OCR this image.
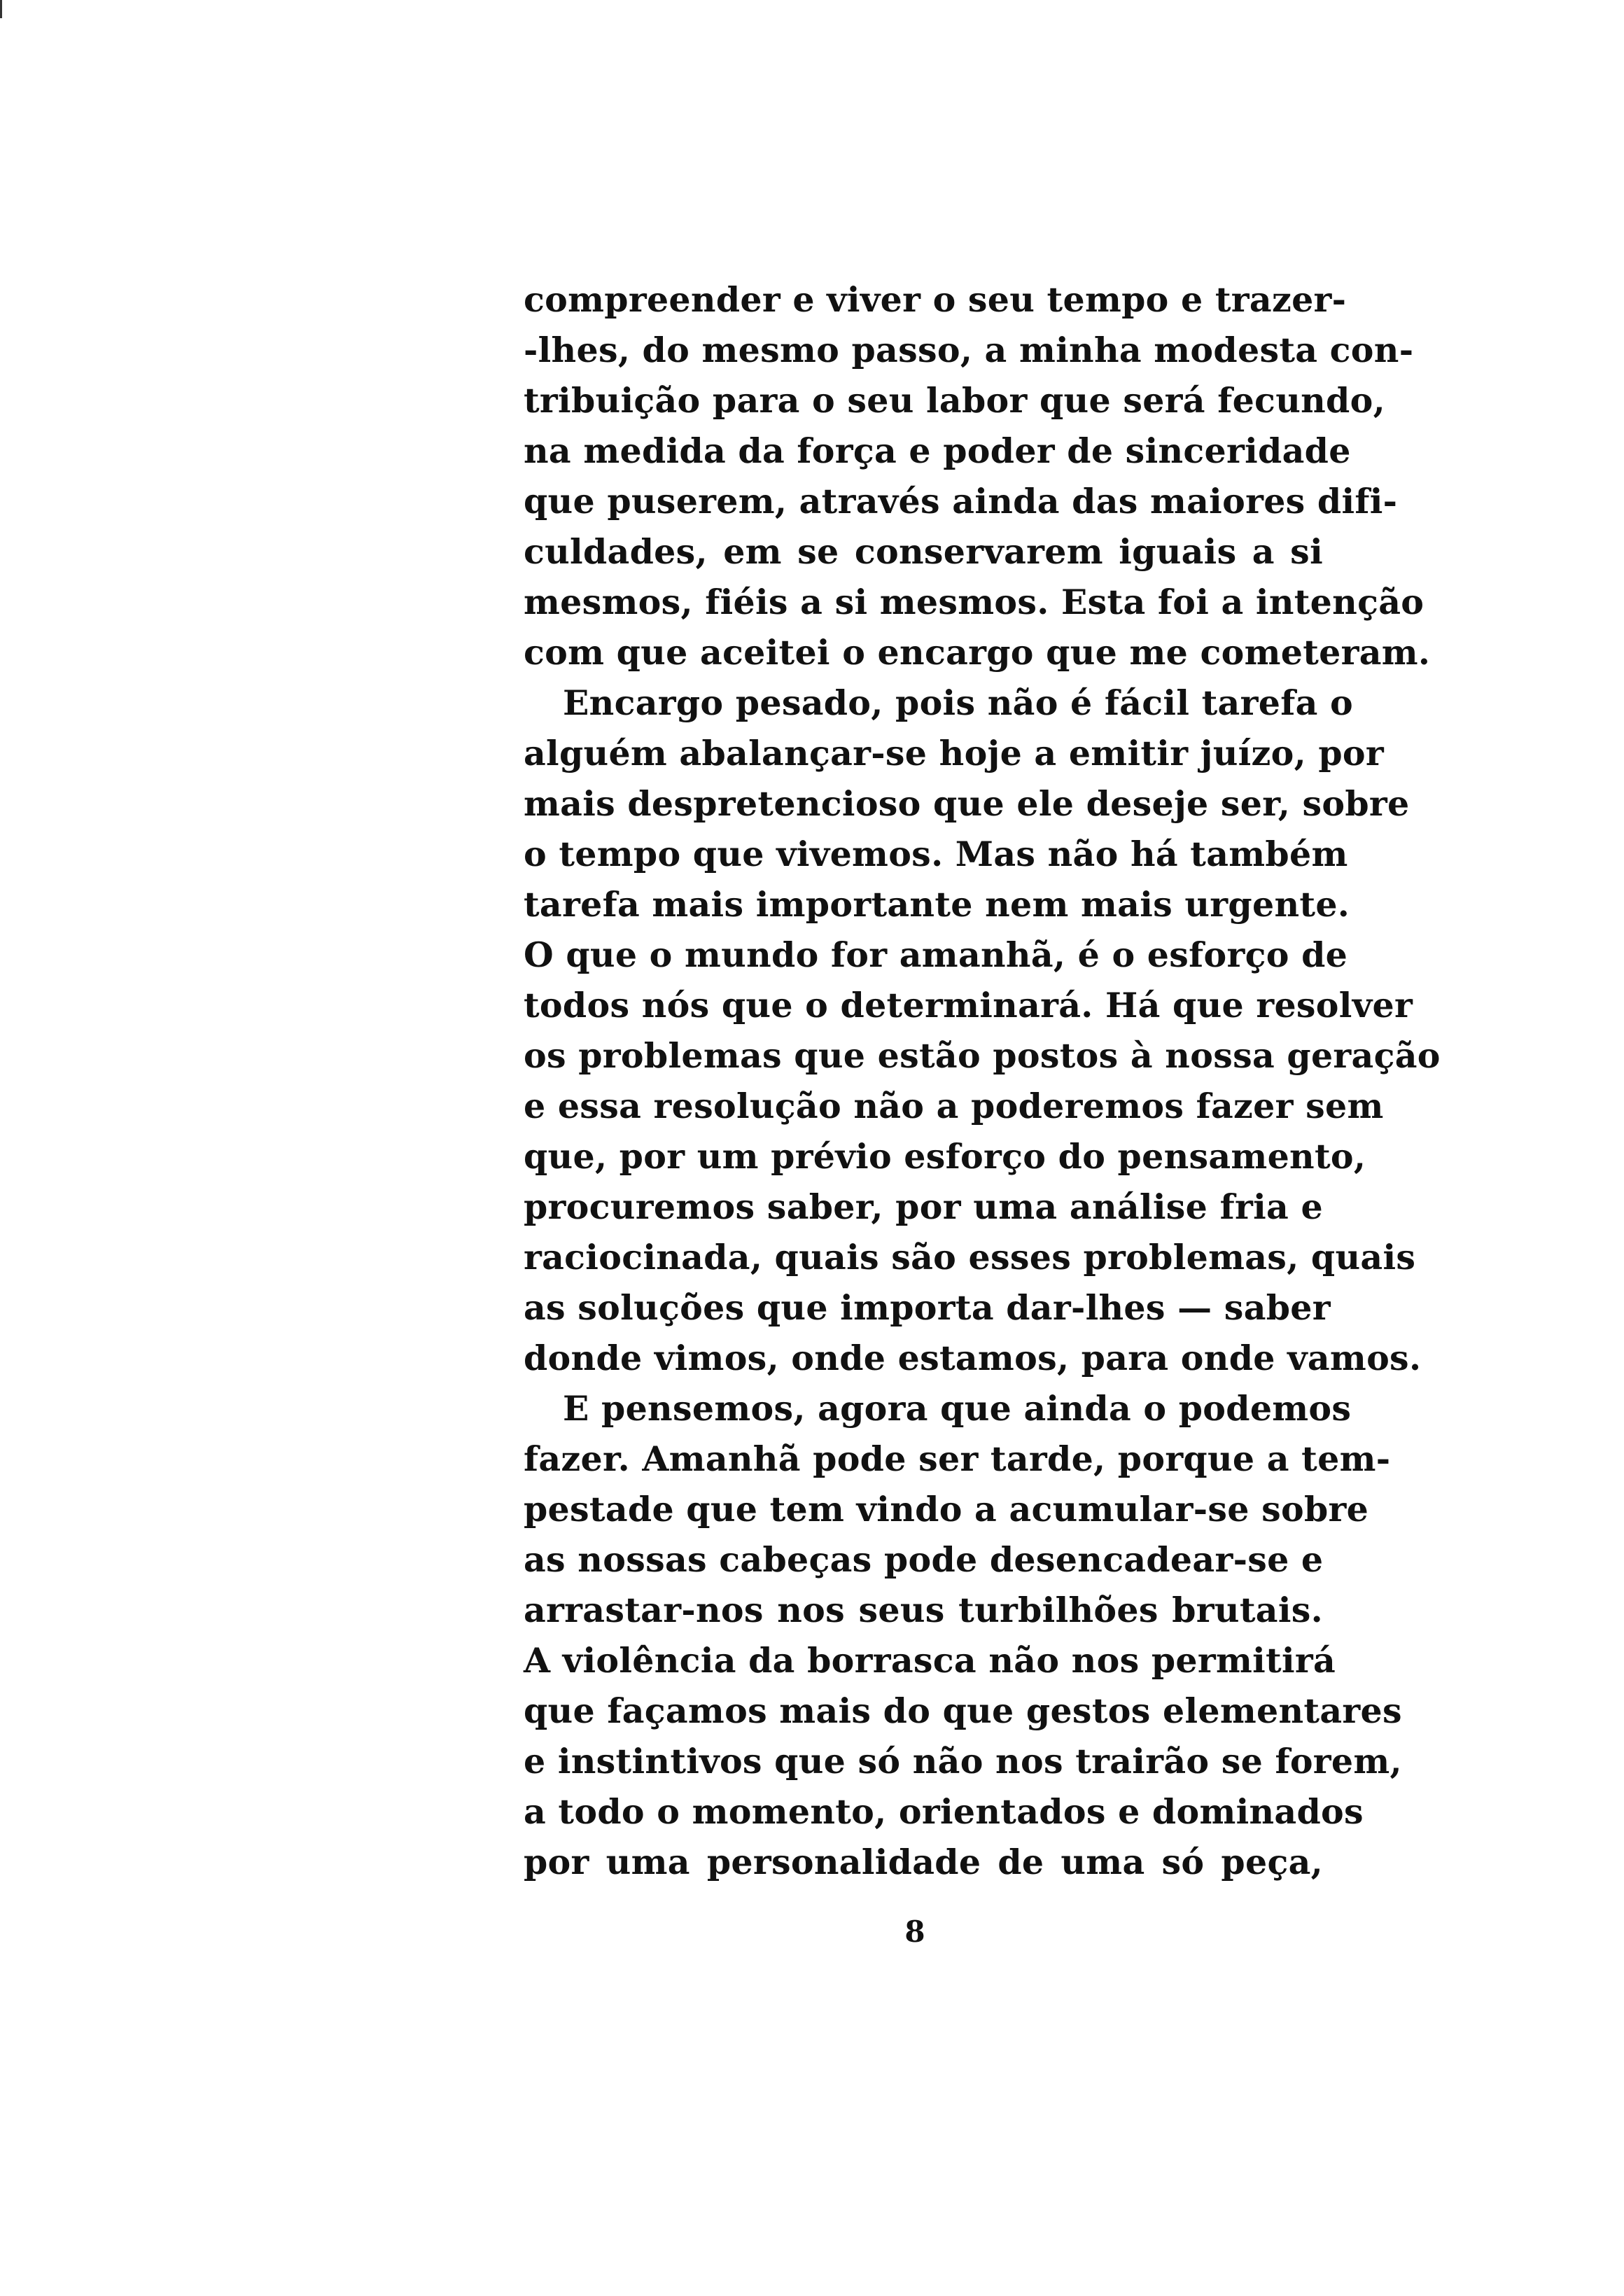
compreender e viver o seu tempo e trazer-
-lhes, do mesmo passo, a minha modesta con-
tribuição para o seu labor que será fecundo,
na medida da força e poder de sinceridade
que puserem, através ainda das maiores difi-
culdades, em se conservarem iguais a si
mesmos, fiéis a si mesmos. Esta foi a intenção
com que aceitei o encargo que me cometeram.
Encargo pesado, pois não é fácil tarefa o
alguém abalançar-se hoje a emitir juízo, por
mais despretencioso que ele deseje ser, sobre
o tempo que vivemos. Mas não há também
tarefa mais importante nem mais urgente.
O que o mundo for amanhã, é o esforço de
todos nós que o determinará. Há que resolver
os problemas que estão postos à nossa geração
e essa resolução não a poderemos fazer sem
que, por um prévio esforço do pensamento,
procuremos saber, por uma análise fria e
raciocinada, quais são esses problemas, quais
as soluções que importa dar-lhes — saber
donde vimos, onde estamos, para onde vamos.
E pensemos, agora que ainda o podemos
fazer. Amanhã pode ser tarde, porque a tem-
pestade que tem vindo a acumular-se sobre
as nossas cabeças pode desencadear-se e
arrastar-nos nos seus turbilhões brutais.
A violência da borrasca não nos permitirá
que façamos mais do que gestos elementares
e instintivos que só não nos trairão se forem,
a todo o momento, orientados e dominados
por uma personalidade de uma só peça,
8
